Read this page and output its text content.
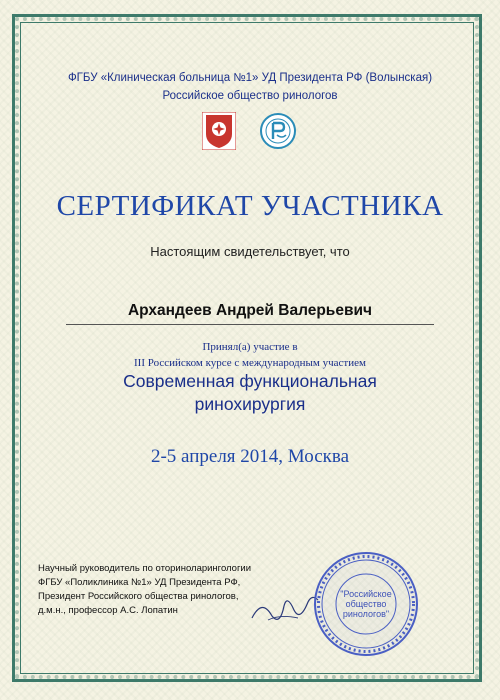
ФГБУ «Клиническая больница №1» УД Президента РФ (Волынская)
Российское общество ринологов
СЕРТИФИКАТ УЧАСТНИКА
Настоящим свидетельствует, что
Архандеев Андрей Валерьевич
Принял(а) участие в
III Российском курсе с международным участием
Современная функциональная
ринохирургия
2-5 апреля 2014, Москва
Научный руководитель по оториноларингологии
ФГБУ «Поликлиника №1» УД Президента РФ,
Президент Российского общества ринологов,
д.м.н., профессор А.С. Лопатин
"Российское
общество
ринологов"
